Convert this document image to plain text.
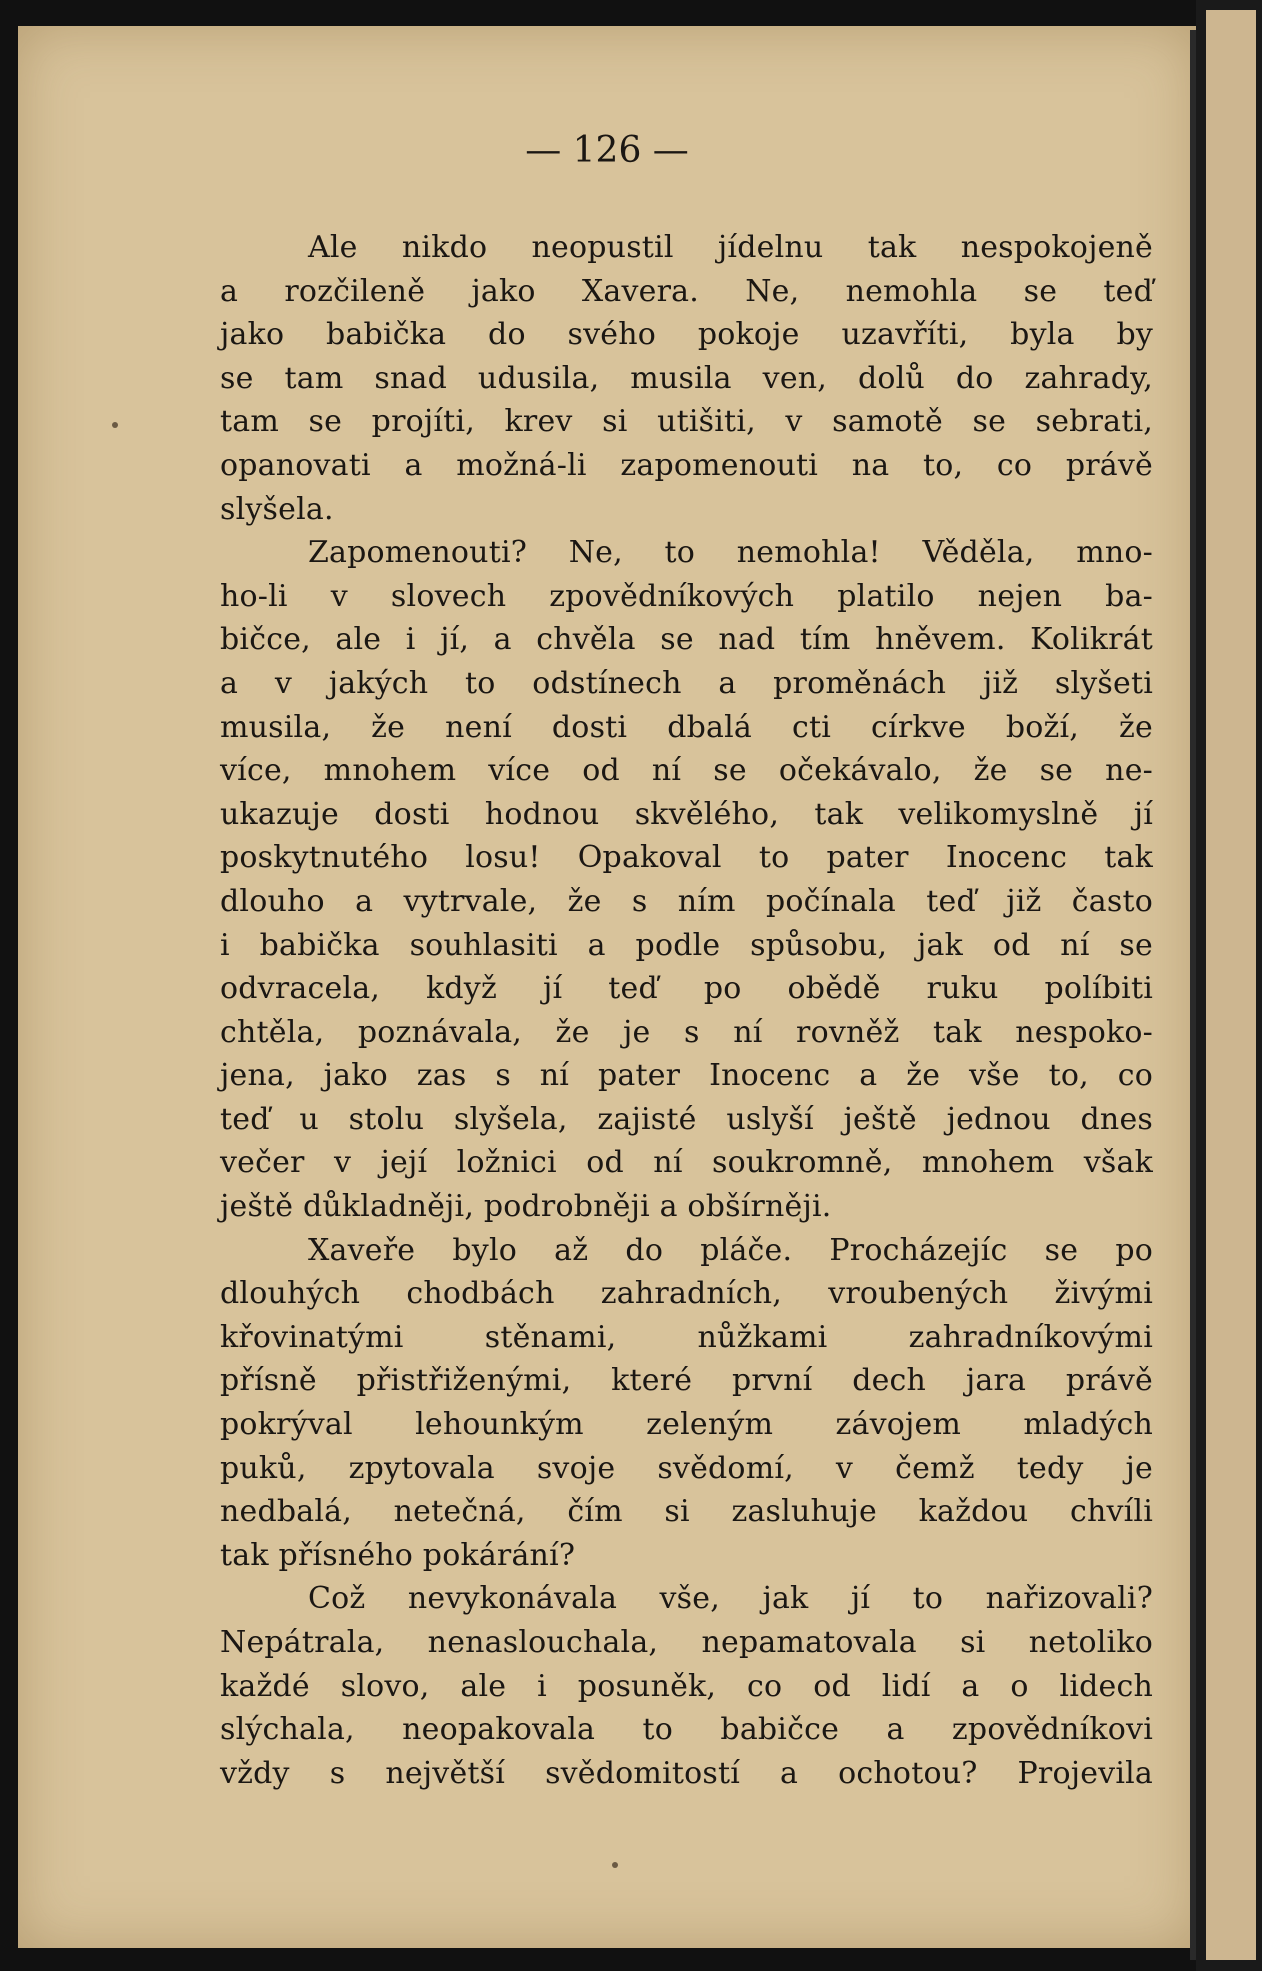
— 126 —
Ale nikdo neopustil jídelnu tak nespokojeně
a rozčileně jako Xavera. Ne, nemohla se teď
jako babička do svého pokoje uzavříti, byla by
se tam snad udusila, musila ven, dolů do zahrady,
tam se projíti, krev si utišiti, v samotě se sebrati,
opanovati a možná-li zapomenouti na to, co právě
slyšela.
Zapomenouti? Ne, to nemohla! Věděla, mno-
ho-li v slovech zpovědníkových platilo nejen ba-
bičce, ale i jí, a chvěla se nad tím hněvem. Kolikrát
a v jakých to odstínech a proměnách již slyšeti
musila, že není dosti dbalá cti církve boží, že
více, mnohem více od ní se očekávalo, že se ne-
ukazuje dosti hodnou skvělého, tak velikomyslně jí
poskytnutého losu! Opakoval to pater Inocenc tak
dlouho a vytrvale, že s ním počínala teď již často
i babička souhlasiti a podle spůsobu, jak od ní se
odvracela, když jí teď po obědě ruku políbiti
chtěla, poznávala, že je s ní rovněž tak nespoko-
jena, jako zas s ní pater Inocenc a že vše to, co
teď u stolu slyšela, zajisté uslyší ještě jednou dnes
večer v její ložnici od ní soukromně, mnohem však
ještě důkladněji, podrobněji a obšírněji.
Xaveře bylo až do pláče. Procházejíc se po
dlouhých chodbách zahradních, vroubených živými
křovinatými stěnami, nůžkami zahradníkovými
přísně přistřiženými, které první dech jara právě
pokrýval lehounkým zeleným závojem mladých
puků, zpytovala svoje svědomí, v čemž tedy je
nedbalá, netečná, čím si zasluhuje každou chvíli
tak přísného pokárání?
Což nevykonávala vše, jak jí to nařizovali?
Nepátrala, nenaslouchala, nepamatovala si netoliko
každé slovo, ale i posuněk, co od lidí a o lidech
slýchala, neopakovala to babičce a zpovědníkovi
vždy s největší svědomitostí a ochotou? Projevila
